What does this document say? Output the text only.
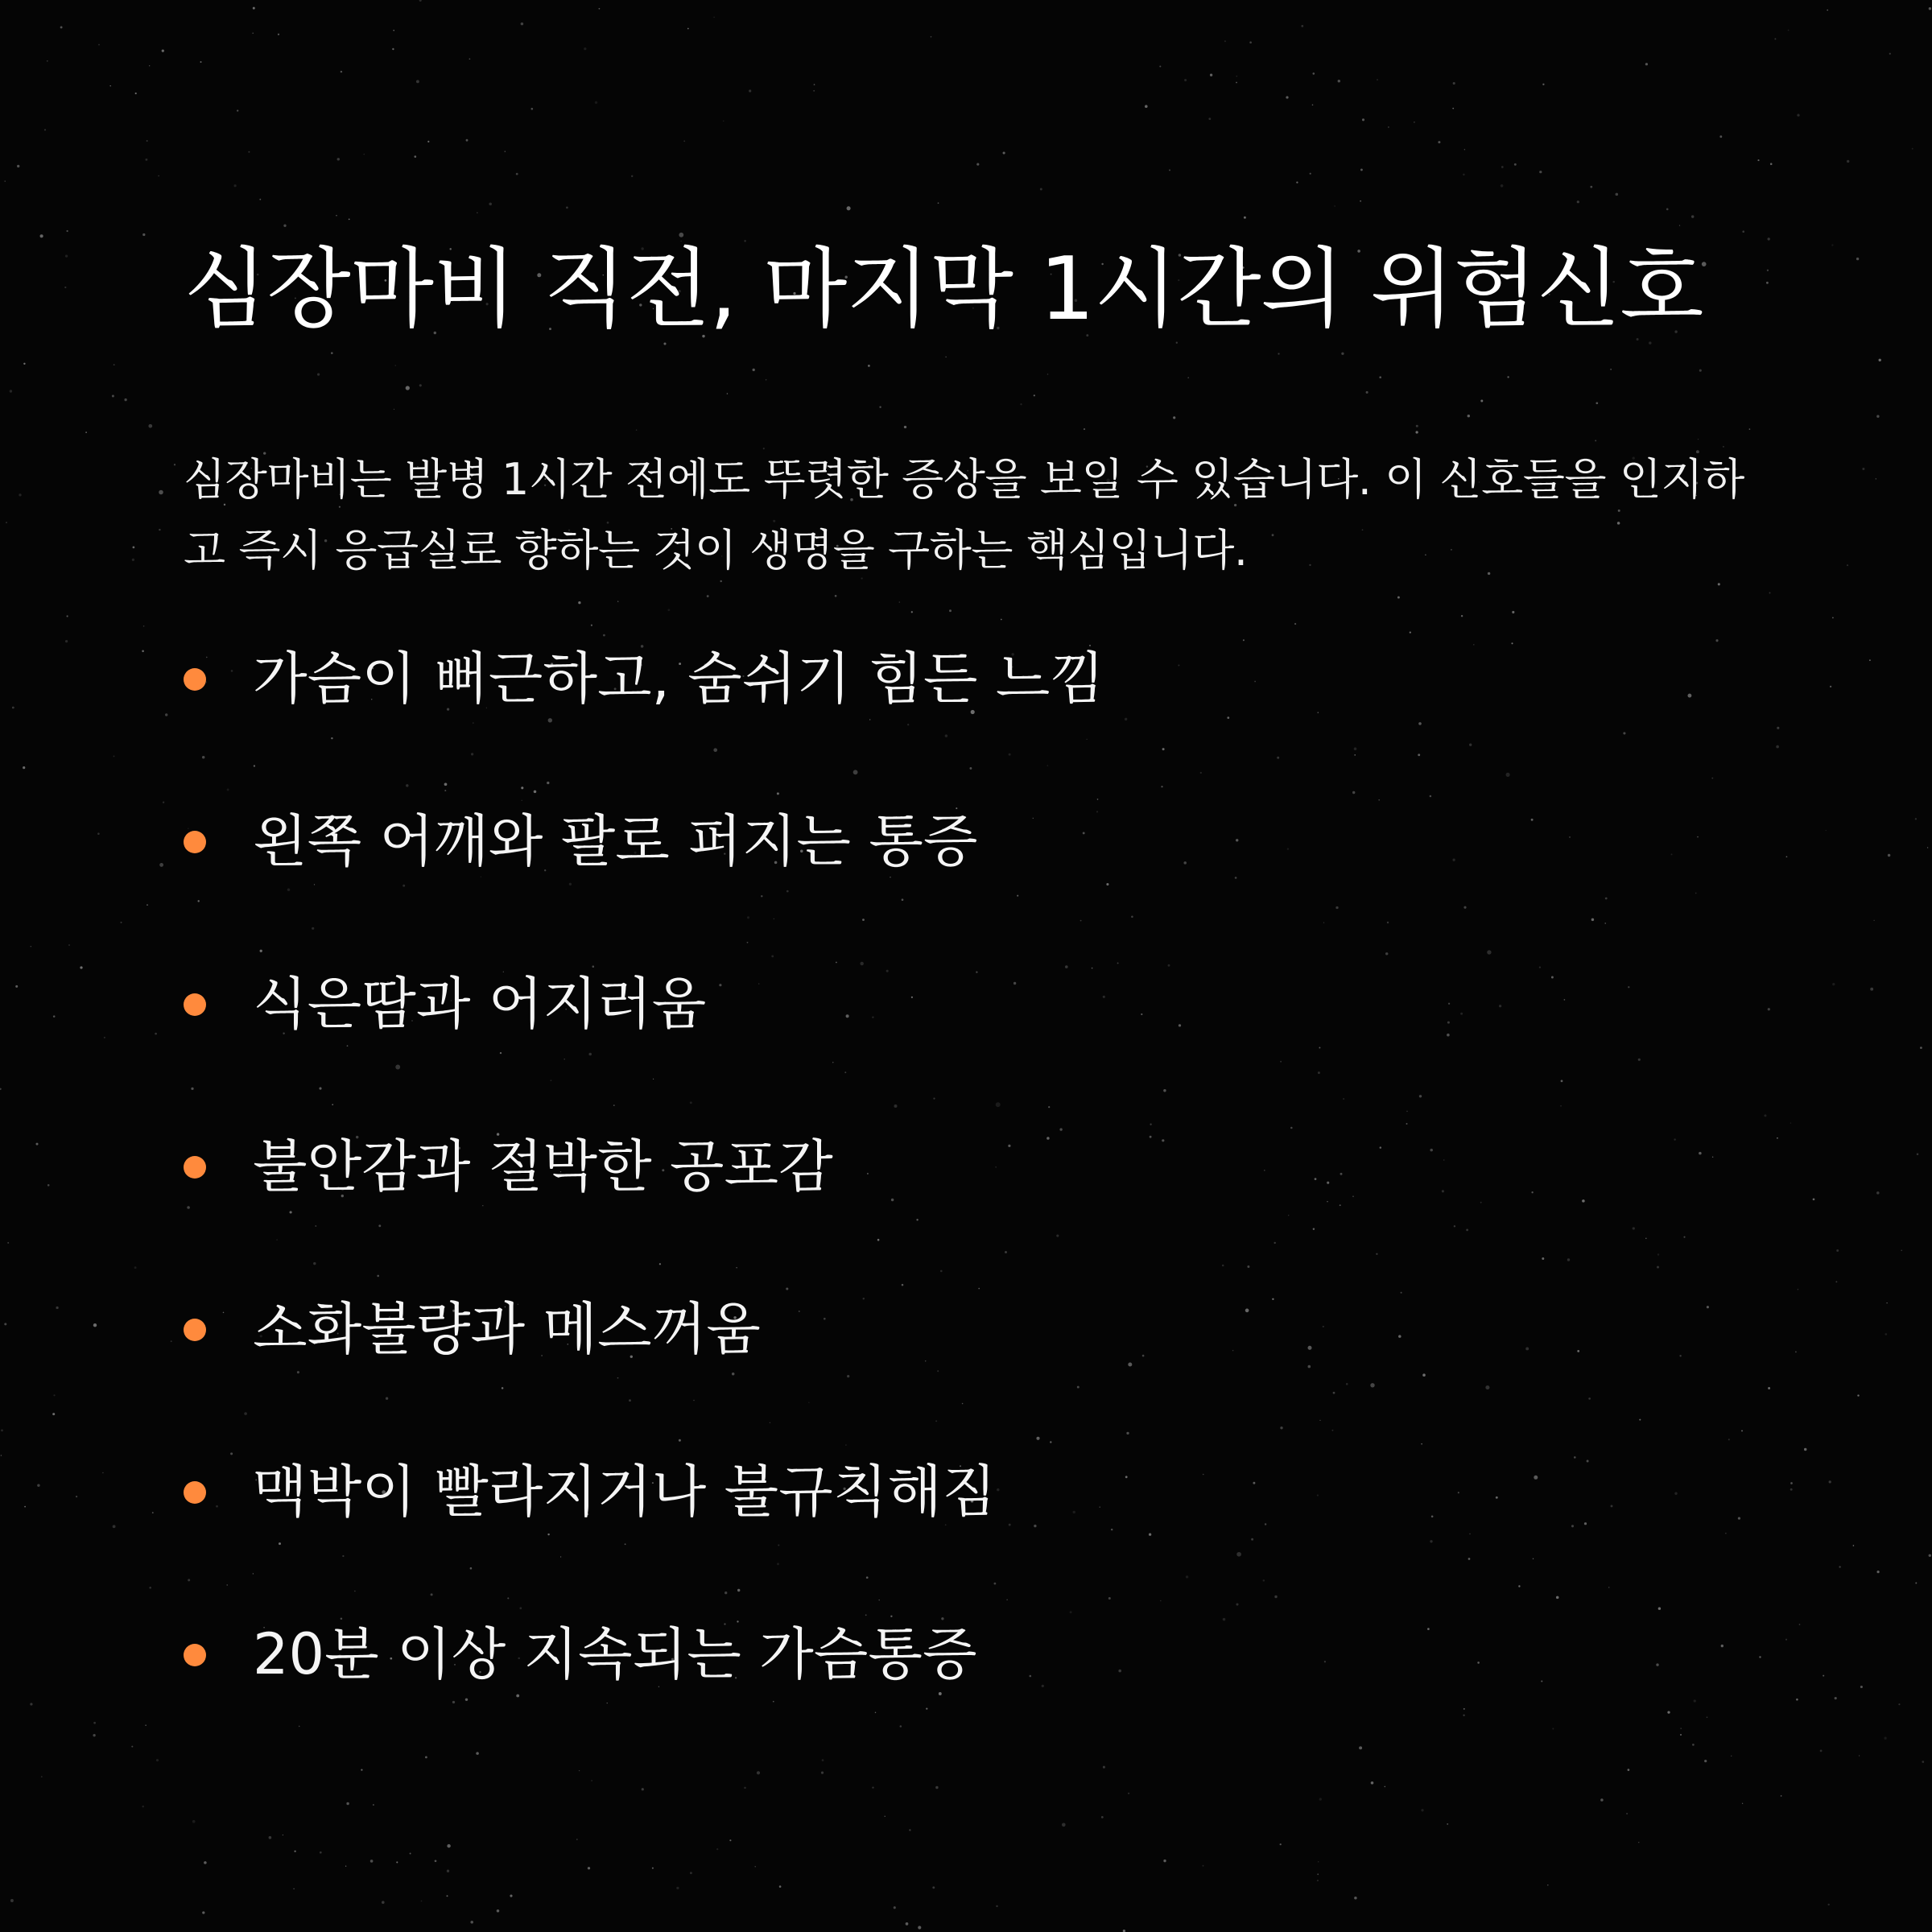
심장마비 직전, 마지막 1시간의 위험신호

심장마비는 발병 1시간 전에도 뚜렷한 증상을 보일 수 있습니다. 이 신호들을 인지하고 즉시 응급실로 향하는 것이 생명을 구하는 핵심입니다.

가슴이 뻐근하고, 숨쉬기 힘든 느낌
왼쪽 어깨와 팔로 퍼지는 통증
식은땀과 어지러움
불안감과 절박한 공포감
소화불량과 메스꺼움
맥박이 빨라지거나 불규칙해짐
20분 이상 지속되는 가슴통증
